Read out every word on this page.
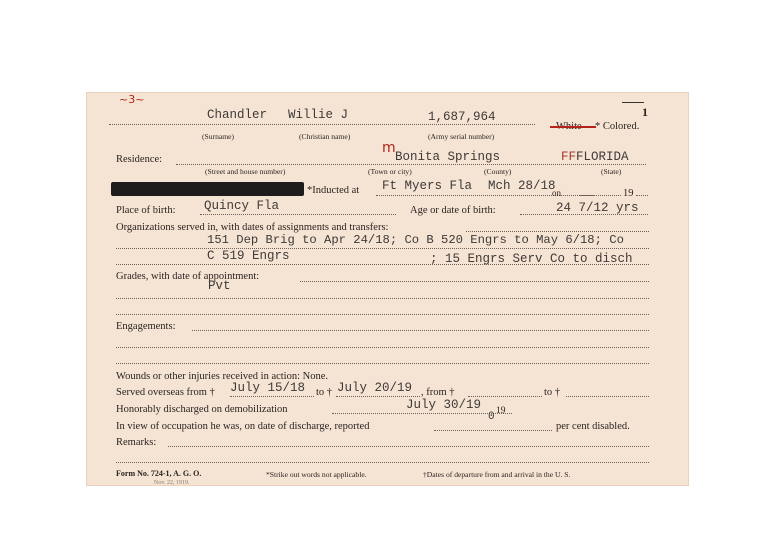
~3~
1
Chandler Willie J	1,687,964
White * Colored.
(Surname)	(Christian name)	(Army serial number)
Residence:	Bonita Springs
m
FF FLORIDA
(Street and house number)	(Town or city)	(County)	(State)
*Inducted at Ft Myers Fla Mch 28/18
on	19
Place of birth: Quincy Fla	Age or date of birth:	24 7/12 yrs
Organizations served in, with dates of assignments and transfers:
151 Dep Brig to Apr 24/18; Co B 520 Engrs to May 6/18; Co
C 519 Engrs	; 15 Engrs Serv Co to disch
Grades, with date of appointment:
Pvt
Engagements:
Wounds or other injuries received in action: None.
Served overseas from † July 15/18 to † July 20/19 , from †	to †
Honorably discharged on demobilization	July 30/19 19
0
In view of occupation he was, on date of discharge, reported	per cent disabled.
Remarks:
Form No. 724-1, A. G. O.
Nov. 22, 1919.
*Strike out words not applicable.	†Dates of departure from and arrival in the U. S.
